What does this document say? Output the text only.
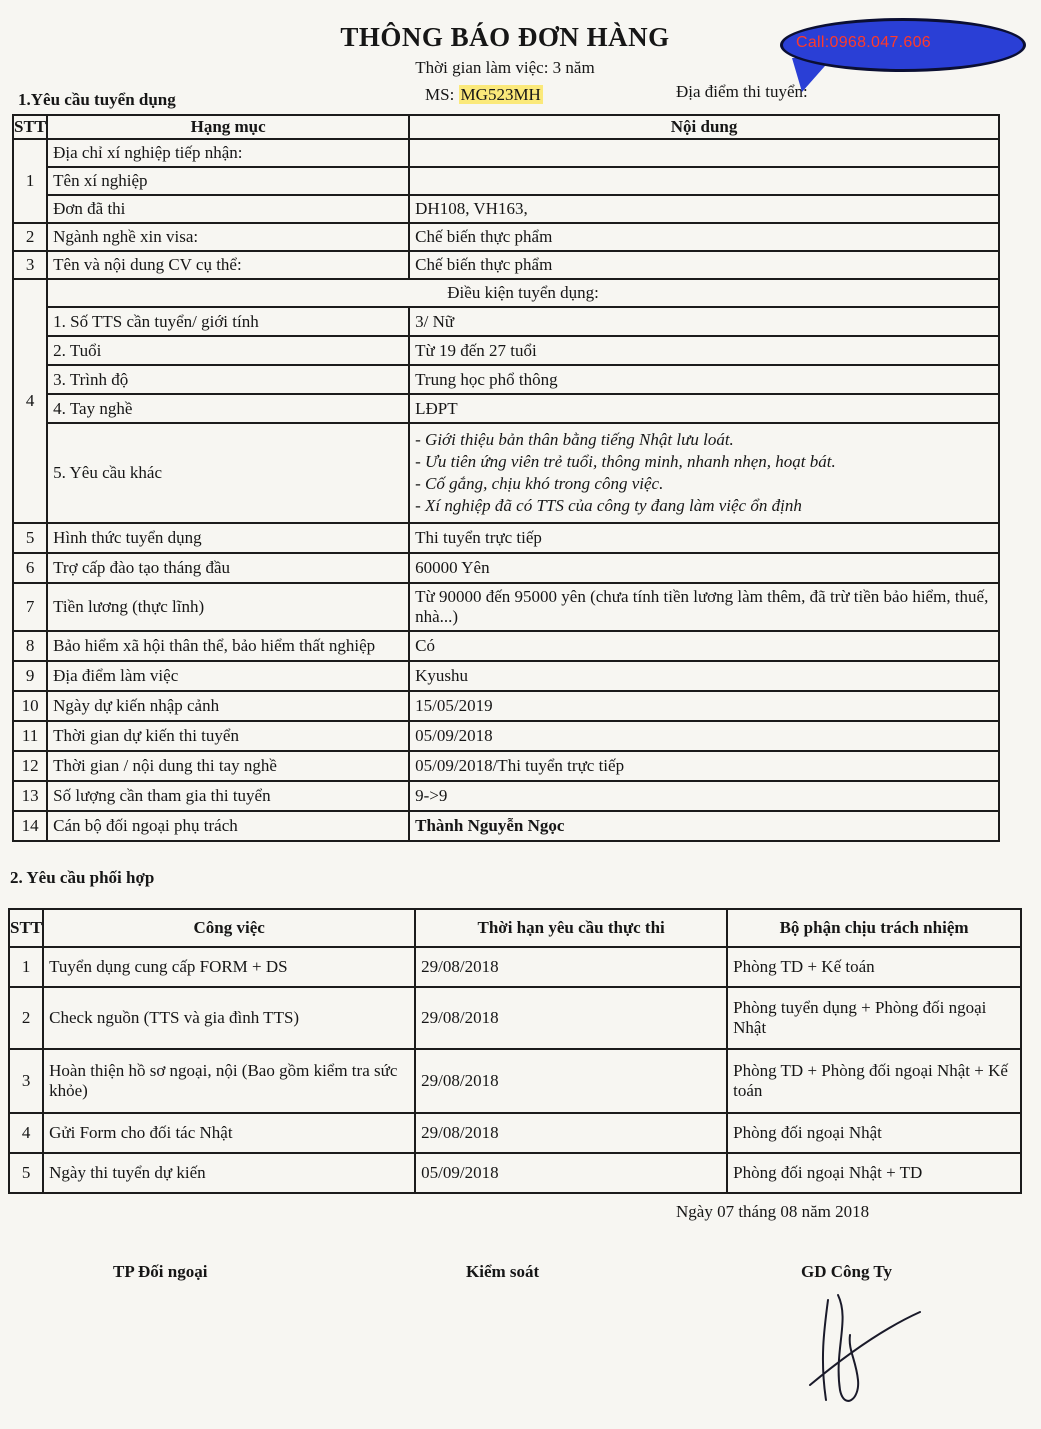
THÔNG BÁO ĐƠN HÀNG
Thời gian làm việc: 3 năm
1.Yêu cầu tuyển dụng	MS: MG523MH	Địa điểm thi tuyển:
Call:0968.047.606
STT	Hạng mục	Nội dung
1	Địa chỉ xí nghiệp tiếp nhận:	
	Tên xí nghiệp	
	Đơn đã thi	DH108, VH163,
2	Ngành nghề xin visa:	Chế biến thực phẩm
3	Tên và nội dung CV cụ thể:	Chế biến thực phẩm
4	Điều kiện tuyển dụng:	
	1. Số TTS cần tuyển/ giới tính	3/ Nữ
	2. Tuổi	Từ 19 đến 27 tuổi
	3. Trình độ	Trung học phổ thông
	4. Tay nghề	LĐPT
	5. Yêu cầu khác	- Giới thiệu bản thân bằng tiếng Nhật lưu loát.
- Ưu tiên ứng viên trẻ tuổi, thông minh, nhanh nhẹn, hoạt bát.
- Cố gắng, chịu khó trong công việc.
- Xí nghiệp đã có TTS của công ty đang làm việc ổn định

5	Hình thức tuyển dụng	Thi tuyển trực tiếp
6	Trợ cấp đào tạo tháng đầu	60000 Yên
7	Tiền lương (thực lĩnh)	Từ 90000 đến 95000 yên (chưa tính tiền lương làm thêm, đã trừ tiền bảo hiểm, thuế, nhà...)
8	Bảo hiểm xã hội thân thể, bảo hiểm thất nghiệp	Có
9	Địa điểm làm việc	Kyushu
10	Ngày dự kiến nhập cảnh	15/05/2019
11	Thời gian dự kiến thi tuyển	05/09/2018
12	Thời gian / nội dung thi tay nghề	05/09/2018/Thi tuyển trực tiếp
13	Số lượng cần tham gia thi tuyển	9->9
14	Cán bộ đối ngoại phụ trách	Thành Nguyễn Ngọc
2. Yêu cầu phối hợp
STT	Công việc	Thời hạn yêu cầu thực thi	Bộ phận chịu trách nhiệm
1	Tuyển dụng cung cấp FORM + DS	29/08/2018	Phòng TD + Kế toán
2	Check nguồn (TTS và gia đình TTS)	29/08/2018	Phòng tuyển dụng + Phòng đối ngoại Nhật
3	Hoàn thiện hồ sơ ngoại, nội (Bao gồm kiểm tra sức khỏe)	29/08/2018	Phòng TD + Phòng đối ngoại Nhật + Kế toán
4	Gửi Form cho đối tác Nhật	29/08/2018	Phòng đối ngoại Nhật
5	Ngày thi tuyển dự kiến	05/09/2018	Phòng đối ngoại Nhật + TD
Ngày 07 tháng 08 năm 2018
TP Đối ngoại	Kiểm soát	GD Công Ty
